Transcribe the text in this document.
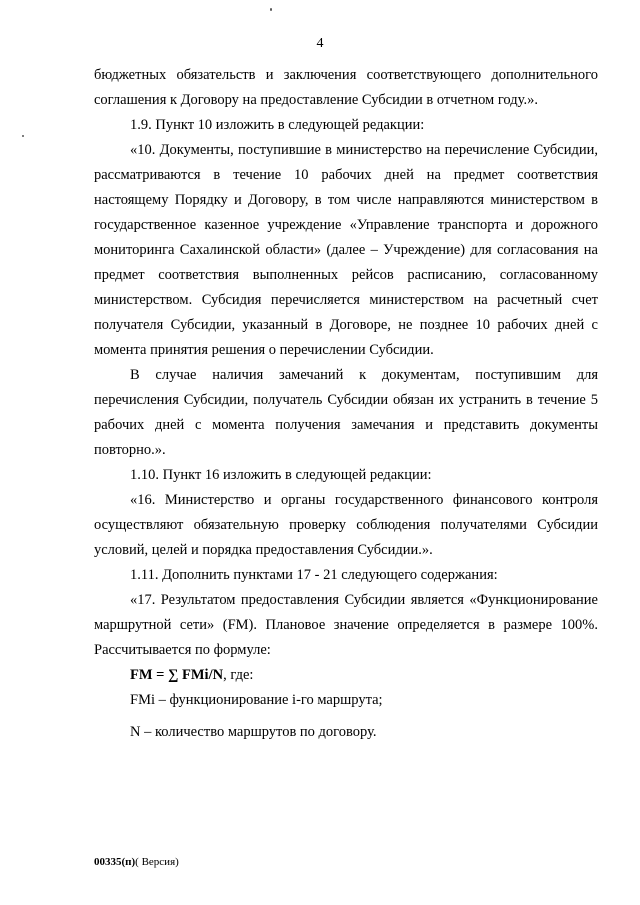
4

бюджетных обязательств и заключения соответствующего дополнительного соглашения к Договору на предоставление Субсидии в отчетном году.».

1.9. Пункт 10 изложить в следующей редакции:

«10. Документы, поступившие в министерство на перечисление Субсидии, рассматриваются в течение 10 рабочих дней на предмет соответствия настоящему Порядку и Договору, в том числе направляются министерством в государственное казенное учреждение «Управление транспорта и дорожного мониторинга Сахалинской области» (далее – Учреждение) для согласования на предмет соответствия выполненных рейсов расписанию, согласованному министерством. Субсидия перечисляется министерством на расчетный счет получателя Субсидии, указанный в Договоре, не позднее 10 рабочих дней с момента принятия решения о перечислении Субсидии.

В случае наличия замечаний к документам, поступившим для перечисления Субсидии, получатель Субсидии обязан их устранить в течение 5 рабочих дней с момента получения замечания и представить документы повторно.».

1.10. Пункт 16 изложить в следующей редакции:

«16. Министерство и органы государственного финансового контроля осуществляют обязательную проверку соблюдения получателями Субсидии условий, целей и порядка предоставления Субсидии.».

1.11. Дополнить пунктами 17 - 21 следующего содержания:

«17. Результатом предоставления Субсидии является «Функционирование маршрутной сети» (FM). Плановое значение определяется в размере 100%. Рассчитывается по формуле:

FM = ∑ FMi/N, где:

FMi – функционирование i-го маршрута;

N – количество маршрутов по договору.

00335(п)( Версия)
